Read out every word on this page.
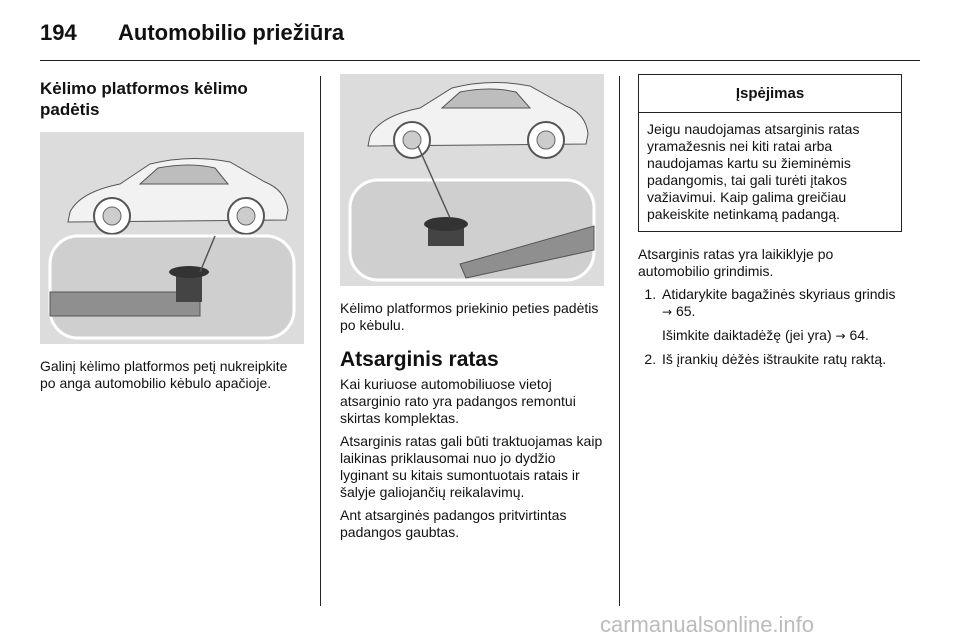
194 Automobilio priežiūra
Kėlimo platformos kėlimo padėtis
Galinį kėlimo platformos petį nukreipkite po anga automobilio kėbulo apačioje.
Kėlimo platformos priekinio peties padėtis po kėbulu.
Atsarginis ratas

Kai kuriuose automobiliuose vietoj atsarginio rato yra padangos remontui skirtas komplektas.

Atsarginis ratas gali būti traktuojamas kaip laikinas priklausomai nuo jo dydžio lyginant su kitais sumontuotais ratais ir šalyje galiojančių reikalavimų.

Ant atsarginės padangos pritvirtintas padangos gaubtas.

Įspėjimas
Jeigu naudojamas atsarginis ratas yramažesnis nei kiti ratai arba naudojamas kartu su žieminėmis padangomis, tai gali turėti įtakos važiavimui. Kaip galima greičiau pakeiskite netinkamą padangą.

Atsarginis ratas yra laikiklyje po automobilio grindimis.

1. Atidarykite bagažinės skyriaus grindis → 65.
Išimkite daiktadėžę (jei yra) → 64.
2. Iš įrankių dėžės ištraukite ratų raktą.
carmanualsonline.info
